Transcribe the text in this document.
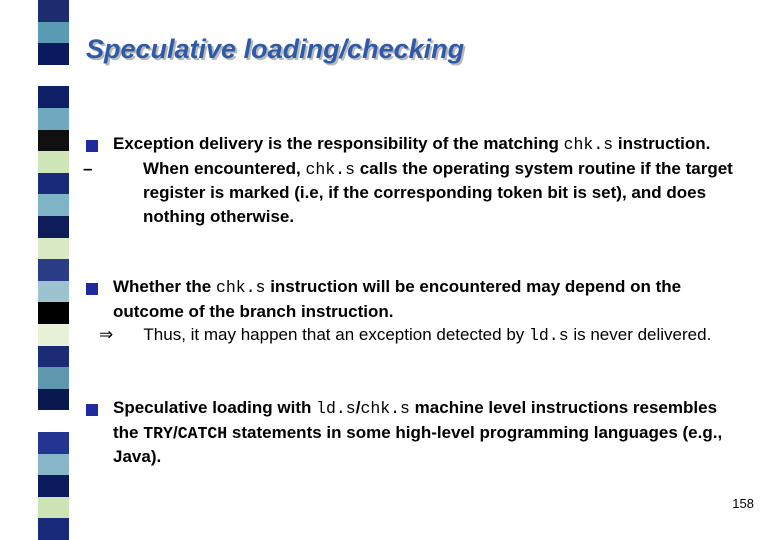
Speculative loading/checking
Exception delivery is the responsibility of the matching chk.s instruction.
–	When encountered, chk.s calls the operating system routine if the target register is marked (i.e, if the corresponding token bit is set), and does nothing otherwise.
Whether the chk.s instruction will be encountered may depend on the outcome of the branch instruction.
⇒ Thus, it may happen that an exception detected by ld.s is never delivered.
Speculative loading with ld.s/chk.s machine level instructions resembles the TRY/CATCH statements in some high-level programming languages (e.g., Java).
158
